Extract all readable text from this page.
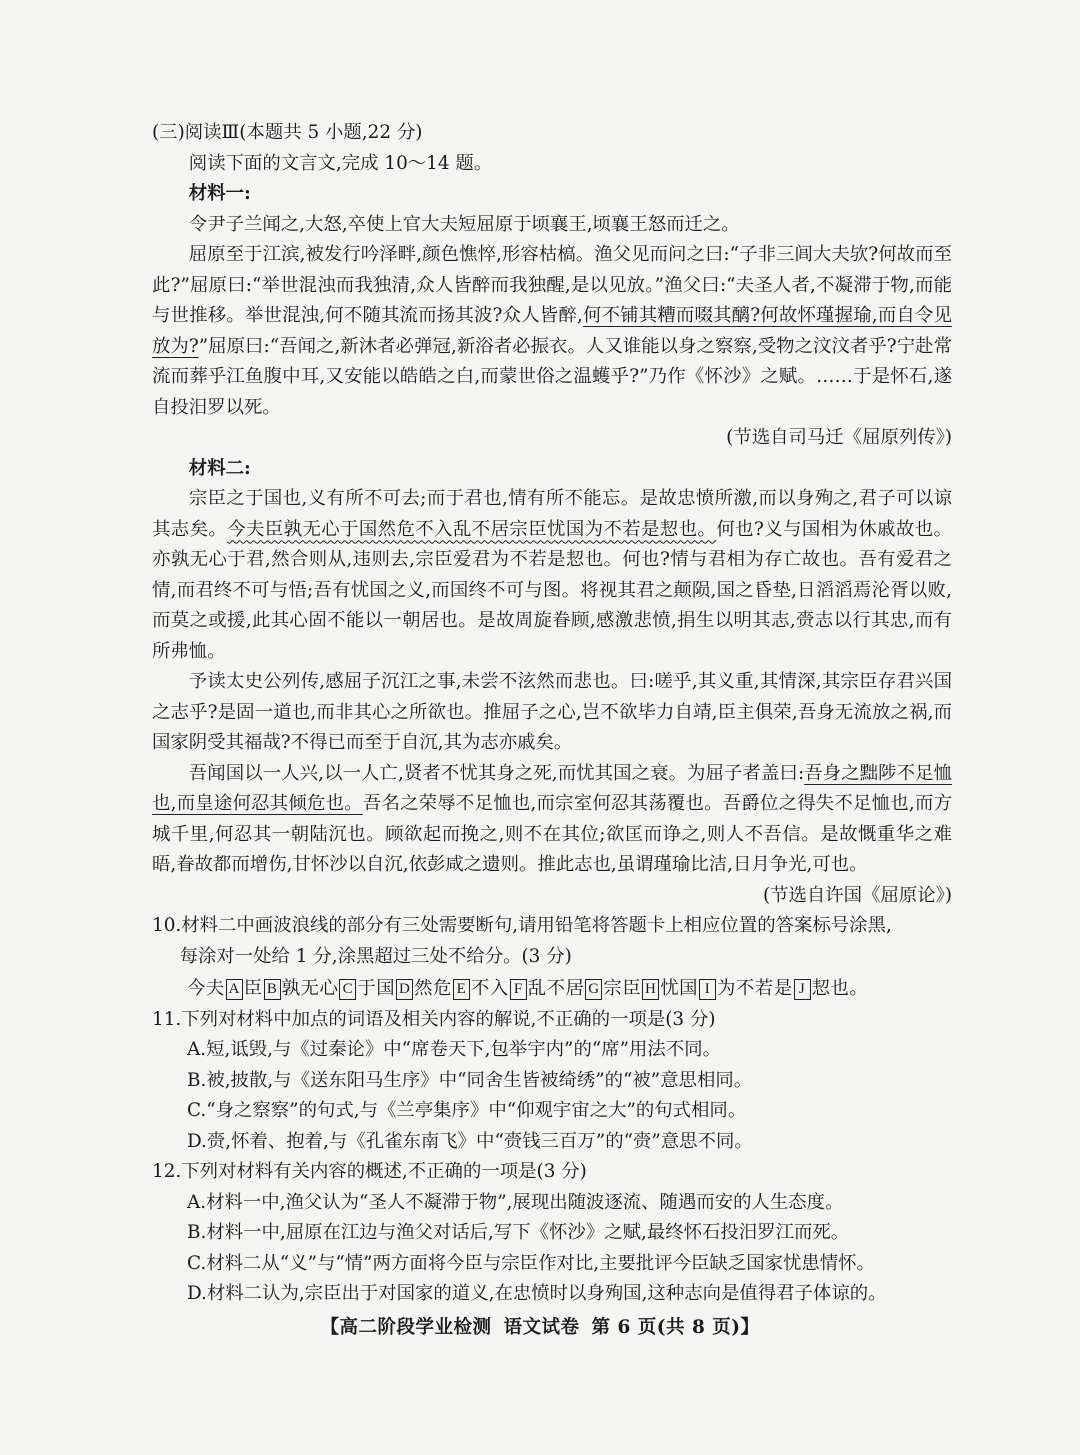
(三)阅读Ⅲ(本题共 5 小题,22 分)

阅读下面的文言文,完成 10～14 题。

材料一:

令尹子兰闻之,大怒,卒使上官大夫短屈原于顷襄王,顷襄王怒而迁之。

屈原至于江滨,被发行吟泽畔,颜色憔悴,形容枯槁。渔父见而问之曰:“子非三闾大夫欤?何故而至此?”屈原曰:“举世混浊而我独清,众人皆醉而我独醒,是以见放。”渔父曰:“夫圣人者,不凝滞于物,而能与世推移。举世混浊,何不随其流而扬其波?众人皆醉,何不铺其糟而啜其醨?何故怀瑾握瑜,而自令见放为?”屈原曰:“吾闻之,新沐者必弹冠,新浴者必振衣。人又谁能以身之察察,受物之汶汶者乎?宁赴常流而葬乎江鱼腹中耳,又安能以皓皓之白,而蒙世俗之温蠖乎?”乃作《怀沙》之赋。……于是怀石,遂自投汨罗以死。

(节选自司马迁《屈原列传》)

材料二:

宗臣之于国也,义有所不可去;而于君也,情有所不能忘。是故忠愤所激,而以身殉之,君子可以谅其志矣。今夫臣孰无心于国然危不入乱不居宗臣忧国为不若是恝也。何也?义与国相为休戚故也。亦孰无心于君,然合则从,违则去,宗臣爱君为不若是恝也。何也?情与君相为存亡故也。吾有爱君之情,而君终不可与悟;吾有忧国之义,而国终不可与图。将视其君之颠陨,国之昏垫,日滔滔焉沦胥以败,而莫之或援,此其心固不能以一朝居也。是故周旋眷顾,感激悲愤,捐生以明其志,赍志以行其忠,而有所弗恤。

予读太史公列传,感屈子沉江之事,未尝不泫然而悲也。曰:嗟乎,其义重,其情深,其宗臣存君兴国之志乎?是固一道也,而非其心之所欲也。推屈子之心,岂不欲毕力自靖,臣主俱荣,吾身无流放之祸,而国家阴受其福哉?不得已而至于自沉,其为志亦戚矣。

吾闻国以一人兴,以一人亡,贤者不忧其身之死,而忧其国之衰。为屈子者盖曰:吾身之黜陟不足恤也,而皇途何忍其倾危也。吾名之荣辱不足恤也,而宗室何忍其荡覆也。吾爵位之得失不足恤也,而方城千里,何忍其一朝陆沉也。顾欲起而挽之,则不在其位;欲匡而诤之,则人不吾信。是故慨重华之难晤,眷故都而增伤,甘怀沙以自沉,依彭咸之遗则。推此志也,虽谓瑾瑜比洁,日月争光,可也。

(节选自许国《屈原论》)

10.材料二中画波浪线的部分有三处需要断句,请用铅笔将答题卡上相应位置的答案标号涂黑,

每涂对一处给 1 分,涂黑超过三处不给分。(3 分)

今夫 A 臣 B 孰无心 C 于国 D 然危 E 不入 F 乱不居 G 宗臣 H 忧国 I 为不若是 J 恝也。

11.下列对材料中加点的词语及相关内容的解说,不正确的一项是(3 分)

A.短,诋毁,与《过秦论》中“席卷天下,包举宇内”的“席”用法不同。

B.被,披散,与《送东阳马生序》中“同舍生皆被绮绣”的“被”意思相同。

C.“身之察察”的句式,与《兰亭集序》中“仰观宇宙之大”的句式相同。

D.赍,怀着、抱着,与《孔雀东南飞》中“赍钱三百万”的“赍”意思不同。

12.下列对材料有关内容的概述,不正确的一项是(3 分)

A.材料一中,渔父认为“圣人不凝滞于物”,展现出随波逐流、随遇而安的人生态度。

B.材料一中,屈原在江边与渔父对话后,写下《怀沙》之赋,最终怀石投汨罗江而死。

C.材料二从“义”与“情”两方面将今臣与宗臣作对比,主要批评今臣缺乏国家忧患情怀。

D.材料二认为,宗臣出于对国家的道义,在忠愤时以身殉国,这种志向是值得君子体谅的。

【高二阶段学业检测 语文试卷 第 6 页(共 8 页)】
